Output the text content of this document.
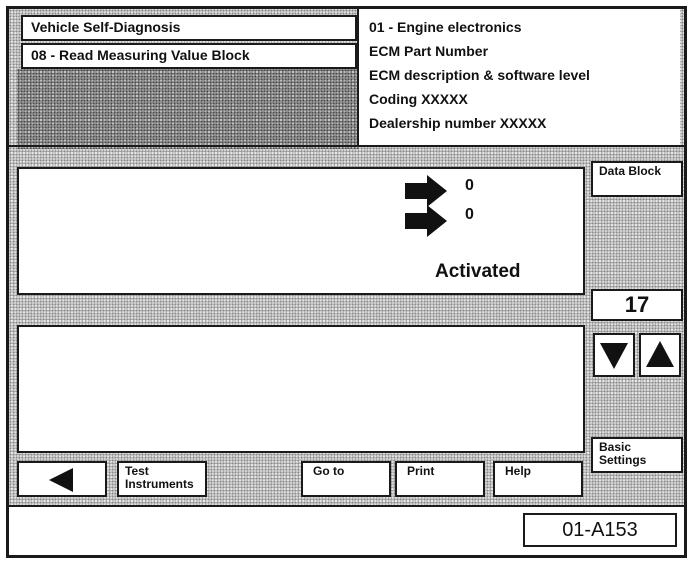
Vehicle Self-Diagnosis
08 - Read Measuring Value Block
01 - Engine electronics
ECM Part Number
ECM description & software level
Coding XXXXX
Dealership number XXXXX
0
0
Activated
Data Block
17
Basic Settings
Test Instruments
Go to	Print	Help
01-A153
